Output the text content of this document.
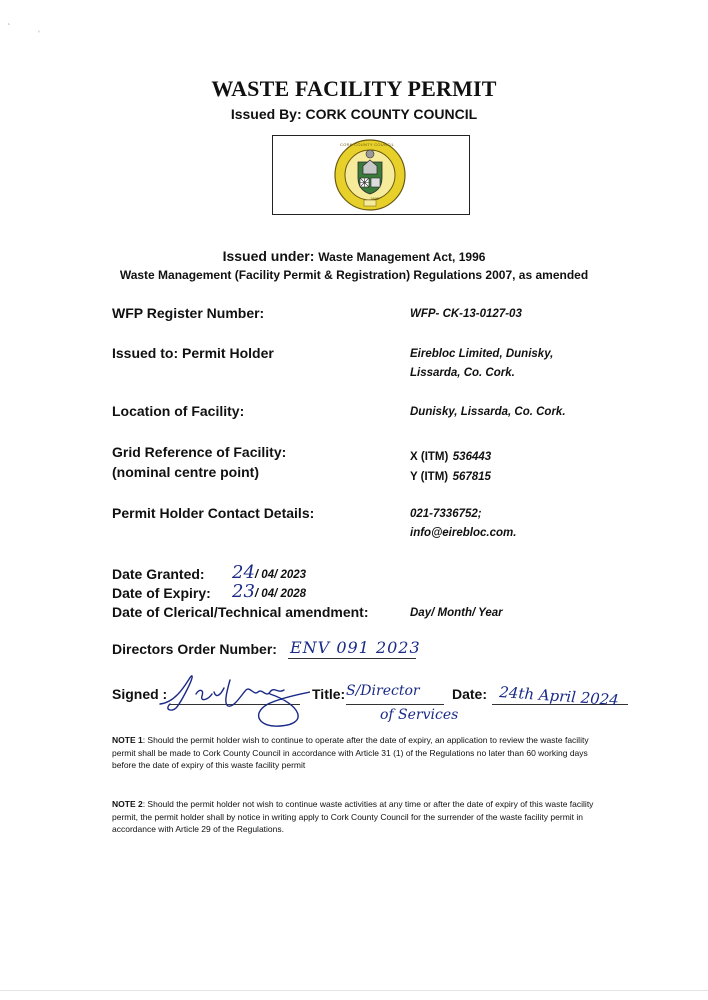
‘
ʼ
WASTE FACILITY PERMIT
Issued By: CORK COUNTY COUNCIL
1899
CORK COUNTY COUNCIL
Issued under: Waste Management Act, 1996
Waste Management (Facility Permit & Registration) Regulations 2007, as amended
WFP Register Number:	WFP- CK-13-0127-03
Issued to: Permit Holder	Eirebloc Limited, Dunisky,
Lissarda, Co. Cork.
Location of Facility:	Dunisky, Lissarda, Co. Cork.
Grid Reference of Facility:
(nominal centre point)
X (ITM) 536443
Y (ITM) 567815
Permit Holder Contact Details:	021-7336752;
info@eirebloc.com.
Date Granted: 24/ 04/ 2023
Date of Expiry: 23/ 04/ 2028
Date of Clerical/Technical amendment:	Day/ Month/ Year
Directors Order Number: ENV 091 2023
Signed :	Title: S/Director
of Services
Date: 24th April 2024
NOTE 1: Should the permit holder wish to continue to operate after the date of expiry, an application to review the waste facility permit shall be made to Cork County Council in accordance with Article 31 (1) of the Regulations no later than 60 working days before the date of expiry of this waste facility permit
NOTE 2: Should the permit holder not wish to continue waste activities at any time or after the date of expiry of this waste facility permit, the permit holder shall by notice in writing apply to Cork County Council for the surrender of the waste facility permit in accordance with Article 29 of the Regulations.
